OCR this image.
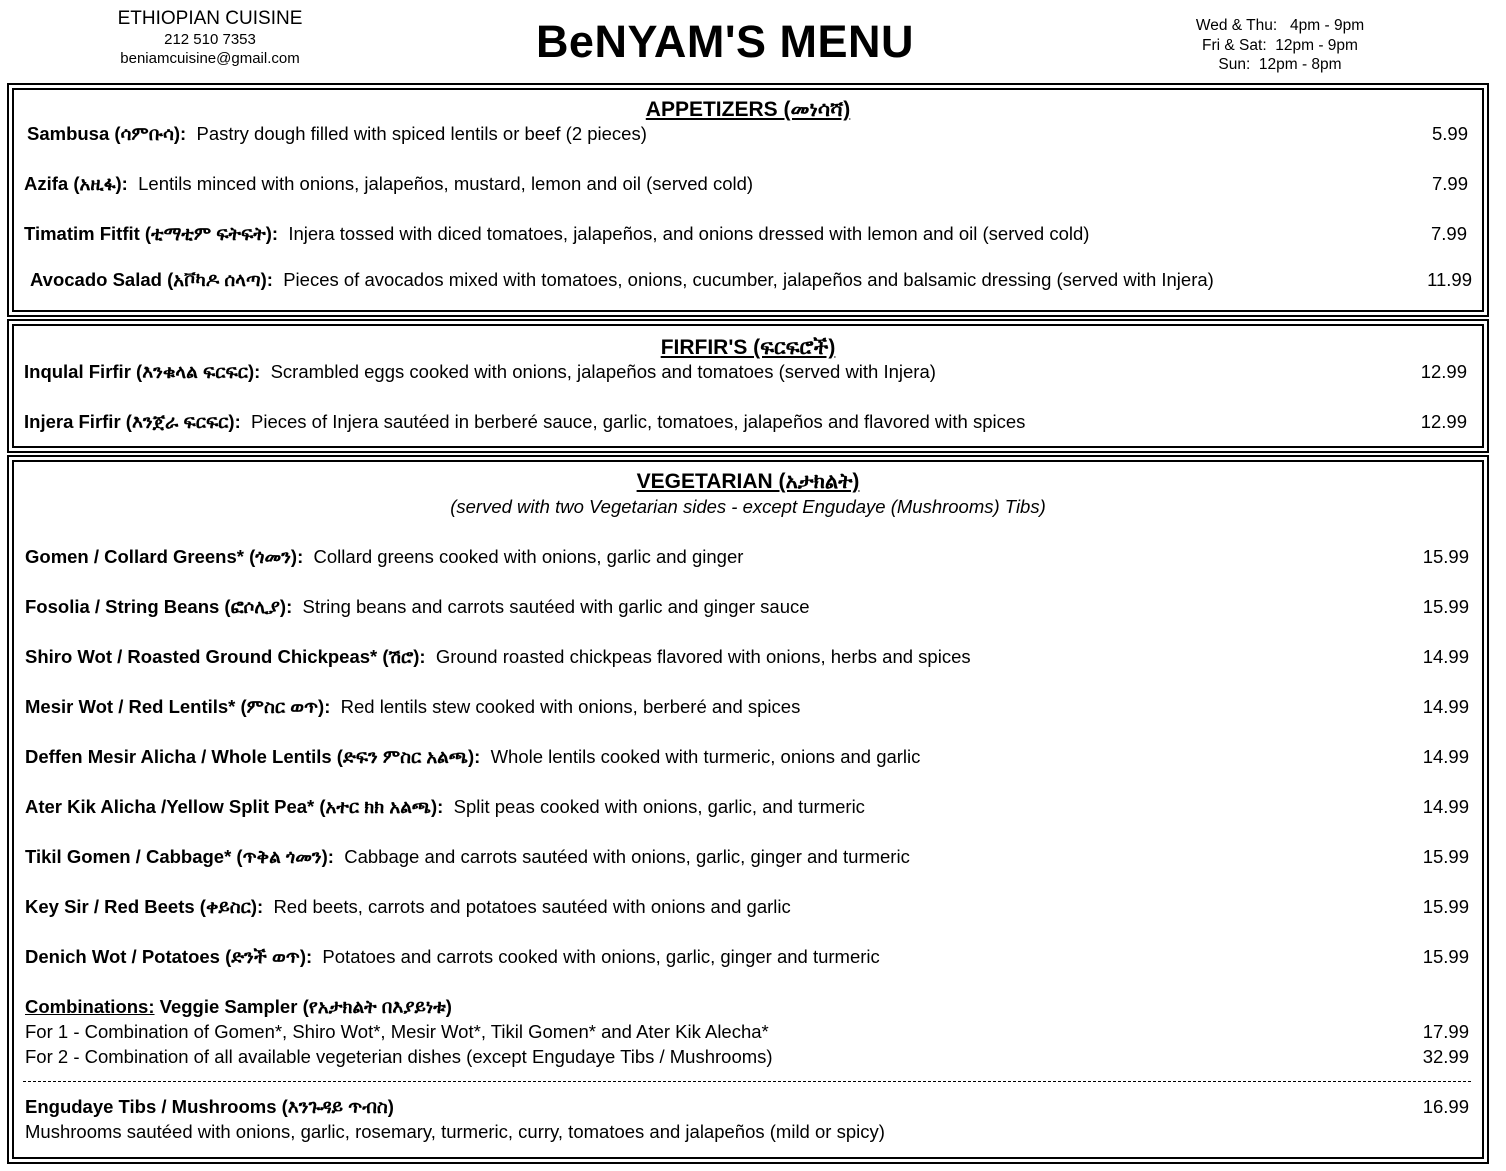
ETHIOPIAN CUISINE
212 510 7353
beniamcuisine@gmail.com	BeNYAM'S MENU	Wed & Thu:   4pm - 9pm
Fri & Sat:  12pm - 9pm
Sun:  12pm - 8pm
APPETIZERS (መነሳሻ)
Sambusa (ሳምቡሳ): Pastry dough filled with spiced lentils or beef (2 pieces)	5.99
Azifa (አዚፋ): Lentils minced with onions, jalapeños, mustard, lemon and oil (served cold)	7.99
Timatim Fitfit (ቲማቲም ፍትፍት): Injera tossed with diced tomatoes, jalapeños, and onions dressed with lemon and oil (served cold)	7.99
Avocado Salad (አቮካዶ ሰላጣ): Pieces of avocados mixed with tomatoes, onions, cucumber, jalapeños and balsamic dressing (served with Injera)	11.99
FIRFIR'S (ፍርፍሮች)
Inqulal Firfir (እንቁላል ፍርፍር): Scrambled eggs cooked with onions, jalapeños and tomatoes (served with Injera)	12.99
Injera Firfir (እንጀራ ፍርፍር): Pieces of Injera sautéed in berberé sauce, garlic, tomatoes, jalapeños and flavored with spices	12.99
VEGETARIAN (አታክልት)
(served with two Vegetarian sides - except Engudaye (Mushrooms) Tibs)
Gomen / Collard Greens* (ጎመን): Collard greens cooked with onions, garlic and ginger	15.99
Fosolia / String Beans (ፎሶሊያ): String beans and carrots sautéed with garlic and ginger sauce	15.99
Shiro Wot / Roasted Ground Chickpeas* (ሽሮ): Ground roasted chickpeas flavored with onions, herbs and spices	14.99
Mesir Wot / Red Lentils* (ምስር ወጥ): Red lentils stew cooked with onions, berberé and spices	14.99
Deffen Mesir Alicha / Whole Lentils (ድፍን ምስር አልጫ): Whole lentils cooked with turmeric, onions and garlic	14.99
Ater Kik Alicha /Yellow Split Pea* (አተር ክክ አልጫ): Split peas cooked with onions, garlic, and turmeric	14.99
Tikil Gomen / Cabbage* (ጥቅል ጎመን): Cabbage and carrots sautéed with onions, garlic, ginger and turmeric	15.99
Key Sir / Red Beets (ቀይስር): Red beets, carrots and potatoes sautéed with onions and garlic	15.99
Denich Wot / Potatoes (ድንች ወጥ): Potatoes and carrots cooked with onions, garlic, ginger and turmeric	15.99
Combinations: Veggie Sampler (የአታክልት በእያይነቱ)
For 1 - Combination of Gomen*, Shiro Wot*, Mesir Wot*, Tikil Gomen* and Ater Kik Alecha*	17.99
For 2 - Combination of all available vegeterian dishes (except Engudaye Tibs / Mushrooms)	32.99
Engudaye Tibs / Mushrooms (እንጉዳይ ጥብስ)	16.99
Mushrooms sautéed with onions, garlic, rosemary, turmeric, curry, tomatoes and jalapeños (mild or spicy)
